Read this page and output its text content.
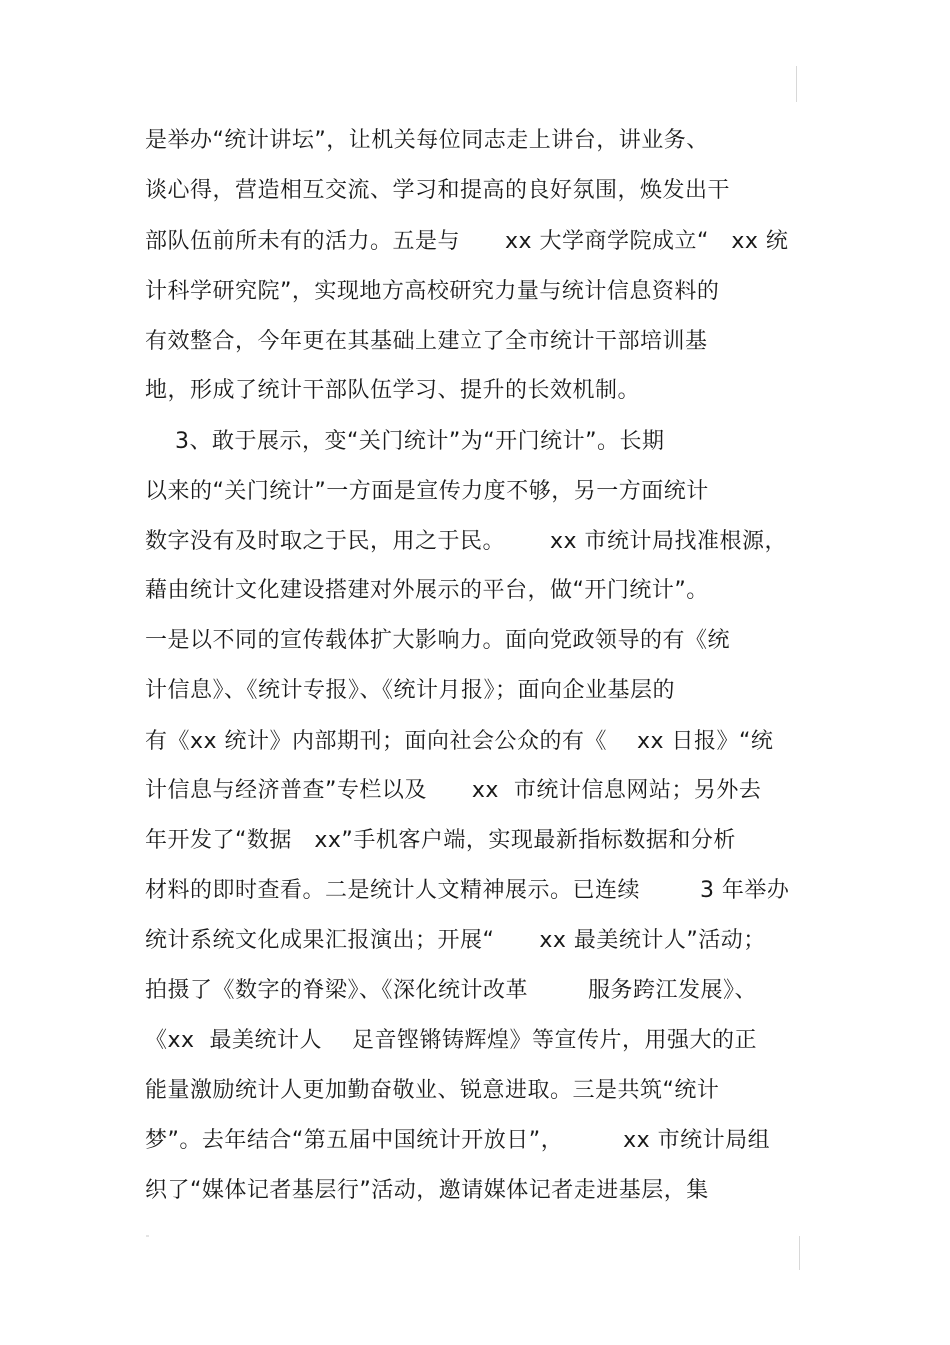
是举办“统计讲坛”，让机关每位同志走上讲台，讲业务、

谈心得，营造相互交流、学习和提高的良好氛围，焕发出干

部队伍前所未有的活力。五是与      xx 大学商学院成立“   xx 统

计科学研究院”，实现地方高校研究力量与统计信息资料的

有效整合，今年更在其基础上建立了全市统计干部培训基

地，形成了统计干部队伍学习、提升的长效机制。

3、敢于展示，变“关门统计”为“开门统计”。长期

以来的“关门统计”一方面是宣传力度不够，另一方面统计

数字没有及时取之于民，用之于民。      xx 市统计局找准根源，

藉由统计文化建设搭建对外展示的平台，做“开门统计”。

一是以不同的宣传载体扩大影响力。面向党政领导的有《统

计信息》、《统计专报》、《统计月报》；面向企业基层的

有《xx 统计》内部期刊；面向社会公众的有《    xx 日报》“统

计信息与经济普查”专栏以及      xx  市统计信息网站；另外去

年开发了“数据   xx”手机客户端，实现最新指标数据和分析

材料的即时查看。二是统计人文精神展示。已连续        3 年举办

统计系统文化成果汇报演出；开展“      xx 最美统计人”活动；

拍摄了《数字的脊梁》、《深化统计改革        服务跨江发展》、

《xx  最美统计人    足音铿锵铸辉煌》等宣传片，用强大的正

能量激励统计人更加勤奋敬业、锐意进取。三是共筑“统计

梦”。去年结合“第五届中国统计开放日”，        xx 市统计局组

织了“媒体记者基层行”活动，邀请媒体记者走进基层，集
